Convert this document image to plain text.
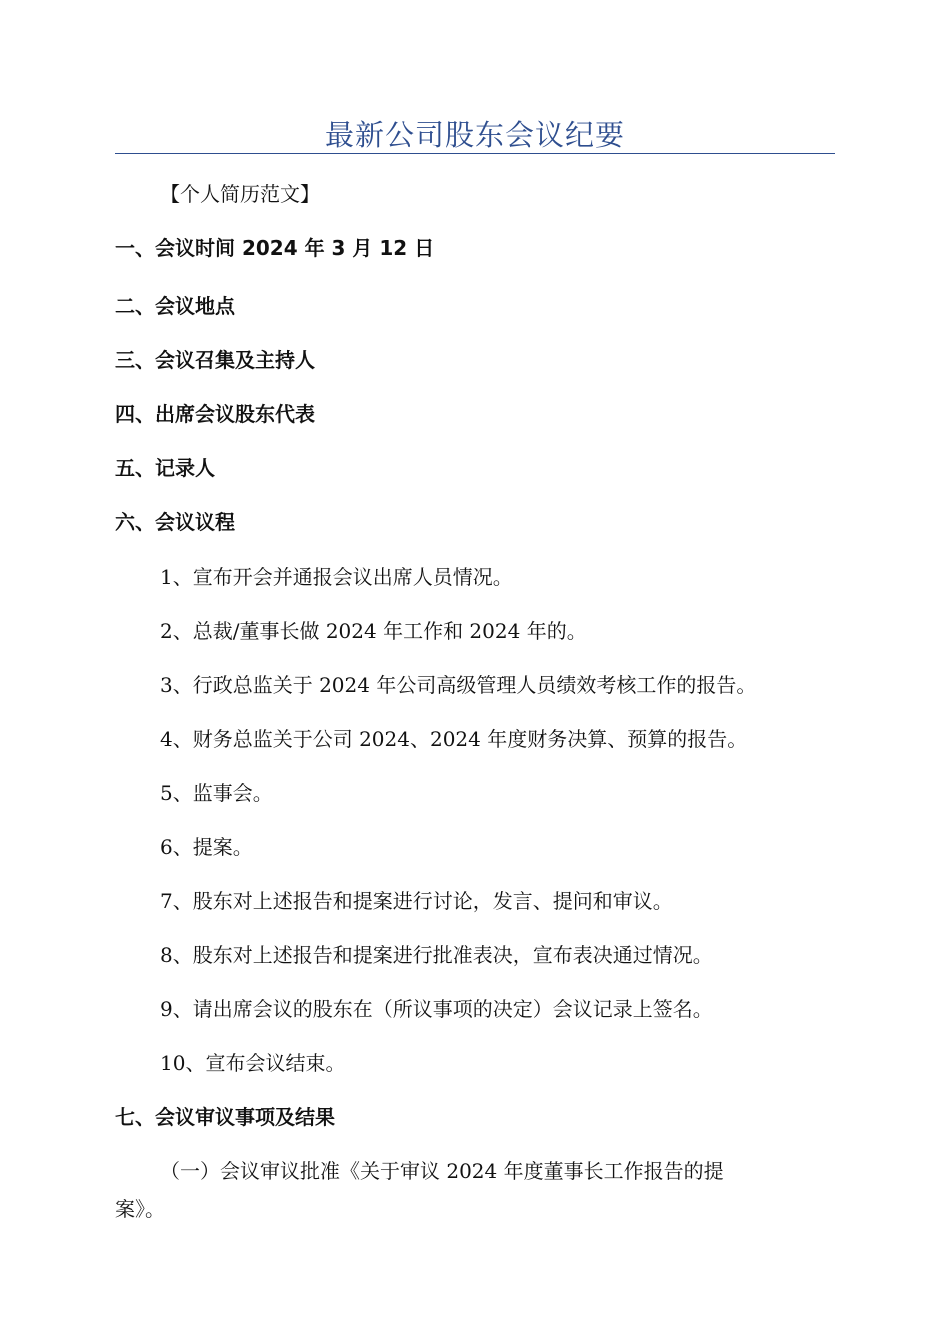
最新公司股东会议纪要
【个人简历范文】
一、会议时间 2024 年 3 月 12 日
二、会议地点
三、会议召集及主持人
四、出席会议股东代表
五、记录人
六、会议议程
1、宣布开会并通报会议出席人员情况。
2、总裁/董事长做 2024 年工作和 2024 年的。
3、行政总监关于 2024 年公司高级管理人员绩效考核工作的报告。
4、财务总监关于公司 2024、2024 年度财务决算、预算的报告。
5、监事会。
6、提案。
7、股东对上述报告和提案进行讨论，发言、提问和审议。
8、股东对上述报告和提案进行批准表决，宣布表决通过情况。
9、请出席会议的股东在（所议事项的决定）会议记录上签名。
10、宣布会议结束。
七、会议审议事项及结果
（一）会议审议批准《关于审议 2024 年度董事长工作报告的提
案》。
